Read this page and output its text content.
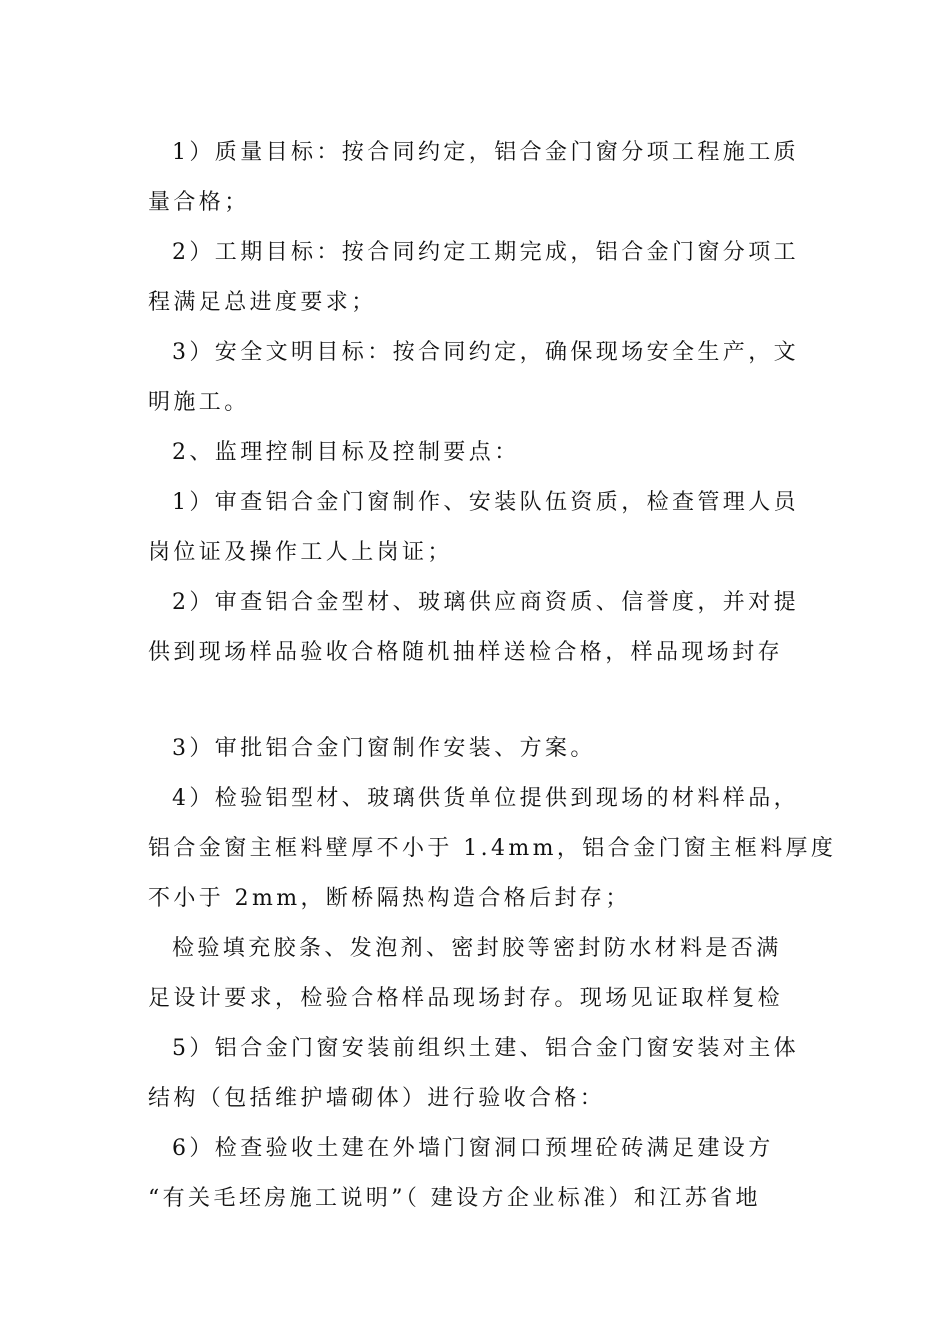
1）质量目标：按合同约定，铝合金门窗分项工程施工质
量合格；
2）工期目标：按合同约定工期完成，铝合金门窗分项工
程满足总进度要求；
3）安全文明目标：按合同约定，确保现场安全生产，文
明施工。
2、监理控制目标及控制要点：
1）审查铝合金门窗制作、安装队伍资质，检查管理人员
岗位证及操作工人上岗证；
2）审查铝合金型材、玻璃供应商资质、信誉度，并对提
供到现场样品验收合格随机抽样送检合格，样品现场封存
3）审批铝合金门窗制作安装、方案。
4）检验铝型材、玻璃供货单位提供到现场的材料样品，
铝合金窗主框料壁厚不小于 1.4mm，铝合金门窗主框料厚度
不小于 2mm，断桥隔热构造合格后封存；
检验填充胶条、发泡剂、密封胶等密封防水材料是否满
足设计要求，检验合格样品现场封存。现场见证取样复检
5）铝合金门窗安装前组织土建、铝合金门窗安装对主体
结构（包括维护墙砌体）进行验收合格：
6）检查验收土建在外墙门窗洞口预埋砼砖满足建设方
“有关毛坯房施工说明”（ 建设方企业标准）和江苏省地
